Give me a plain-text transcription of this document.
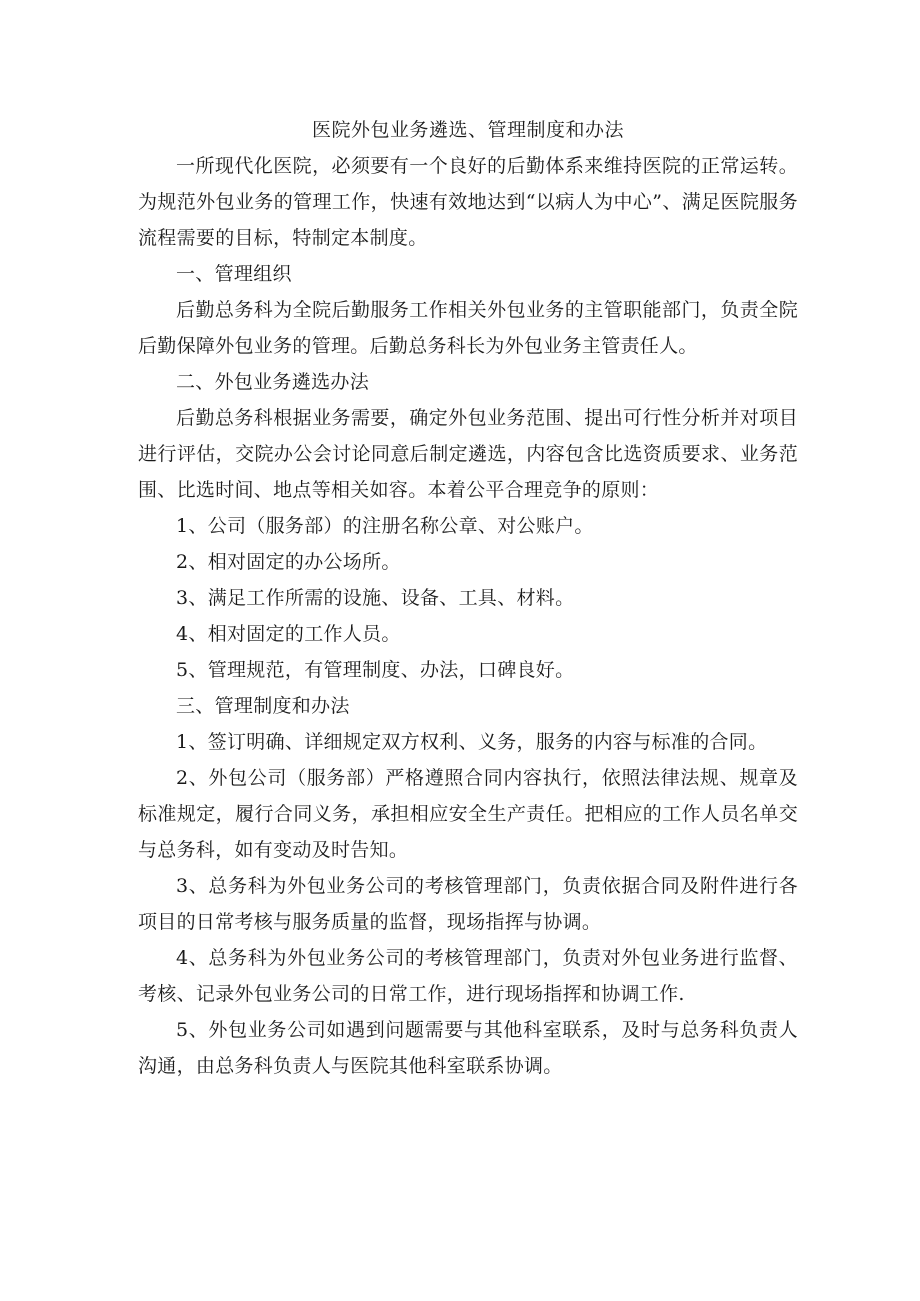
医院外包业务遴选、管理制度和办法

一所现代化医院，必须要有一个良好的后勤体系来维持医院的正常运转。为规范外包业务的管理工作，快速有效地达到“以病人为中心”、满足医院服务流程需要的目标，特制定本制度。

一、管理组织

后勤总务科为全院后勤服务工作相关外包业务的主管职能部门，负责全院后勤保障外包业务的管理。后勤总务科长为外包业务主管责任人。

二、外包业务遴选办法

后勤总务科根据业务需要，确定外包业务范围、提出可行性分析并对项目进行评估，交院办公会讨论同意后制定遴选，内容包含比选资质要求、业务范围、比选时间、地点等相关如容。本着公平合理竞争的原则：

1、公司（服务部）的注册名称公章、对公账户。

2、相对固定的办公场所。

3、满足工作所需的设施、设备、工具、材料。

4、相对固定的工作人员。

5、管理规范，有管理制度、办法，口碑良好。

三、管理制度和办法

1、签订明确、详细规定双方权利、义务，服务的内容与标准的合同。

2、外包公司（服务部）严格遵照合同内容执行，依照法律法规、规章及标准规定，履行合同义务，承担相应安全生产责任。把相应的工作人员名单交与总务科，如有变动及时告知。

3、总务科为外包业务公司的考核管理部门，负责依据合同及附件进行各项目的日常考核与服务质量的监督，现场指挥与协调。

4、总务科为外包业务公司的考核管理部门，负责对外包业务进行监督、考核、记录外包业务公司的日常工作，进行现场指挥和协调工作.

5、外包业务公司如遇到问题需要与其他科室联系，及时与总务科负责人沟通，由总务科负责人与医院其他科室联系协调。
